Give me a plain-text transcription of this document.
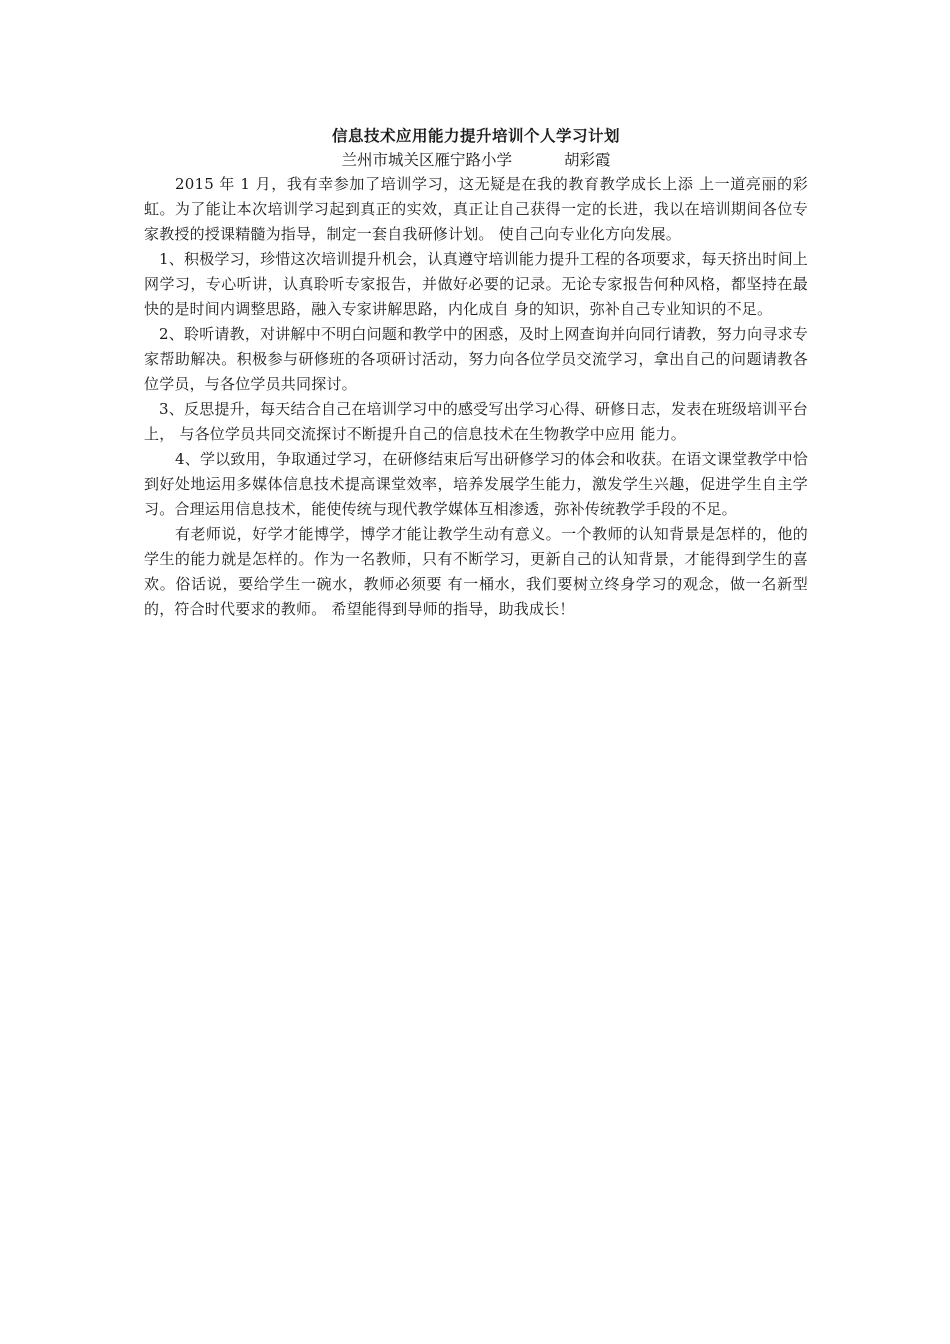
信息技术应用能力提升培训个人学习计划

兰州市城关区雁宁路小学	胡彩霞

2015 年 1 月，我有幸参加了培训学习，这无疑是在我的教育教学成长上添 上一道亮丽的彩虹。为了能让本次培训学习起到真正的实效，真正让自己获得一定的长进，我以在培训期间各位专家教授的授课精髓为指导，制定一套自我研修计划。 使自己向专业化方向发展。

1、积极学习，珍惜这次培训提升机会，认真遵守培训能力提升工程的各项要求，每天挤出时间上网学习，专心听讲，认真聆听专家报告，并做好必要的记录。无论专家报告何种风格，都坚持在最快的是时间内调整思路，融入专家讲解思路，内化成自 身的知识，弥补自己专业知识的不足。

2、聆听请教，对讲解中不明白问题和教学中的困惑，及时上网查询并向同行请教，努力向寻求专家帮助解决。积极参与研修班的各项研讨活动，努力向各位学员交流学习，拿出自己的问题请教各位学员，与各位学员共同探讨。

3、反思提升，每天结合自己在培训学习中的感受写出学习心得、研修日志，发表在班级培训平台上， 与各位学员共同交流探讨不断提升自己的信息技术在生物教学中应用 能力。

4、学以致用，争取通过学习，在研修结束后写出研修学习的体会和收获。在语文课堂教学中恰到好处地运用多媒体信息技术提高课堂效率，培养发展学生能力，激发学生兴趣，促进学生自主学习。合理运用信息技术，能使传统与现代教学媒体互相渗透，弥补传统教学手段的不足。

有老师说，好学才能博学，博学才能让教学生动有意义。一个教师的认知背景是怎样的，他的学生的能力就是怎样的。作为一名教师，只有不断学习，更新自己的认知背景，才能得到学生的喜欢。俗话说，要给学生一碗水，教师必须要 有一桶水，我们要树立终身学习的观念，做一名新型的，符合时代要求的教师。 希望能得到导师的指导，助我成长！
